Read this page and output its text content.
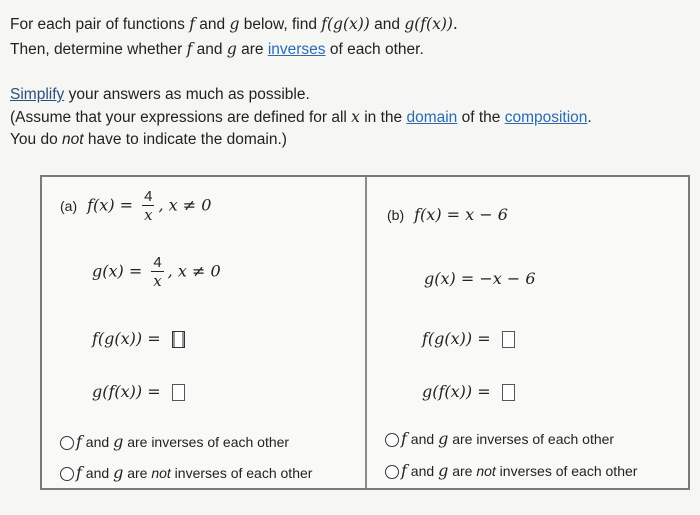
For each pair of functions f and g below, find f(g(x)) and g(f(x)).

Then, determine whether f and g are inverses of each other.

Simplify your answers as much as possible.

(Assume that your expressions are defined for all x in the domain of the composition.

You do not have to indicate the domain.)

(a) $f(x) = \frac{4}{x}$ , x ≠ 0
$g(x) = \frac{4}{x}$ , x ≠ 0
f(g(x)) =
g(f(x)) =
f and g are inverses of each other
f and g are not inverses of each other
(b) f(x) = x − 6
g(x) = −x − 6
f(g(x)) =
g(f(x)) =
f and g are inverses of each other
f and g are not inverses of each other
